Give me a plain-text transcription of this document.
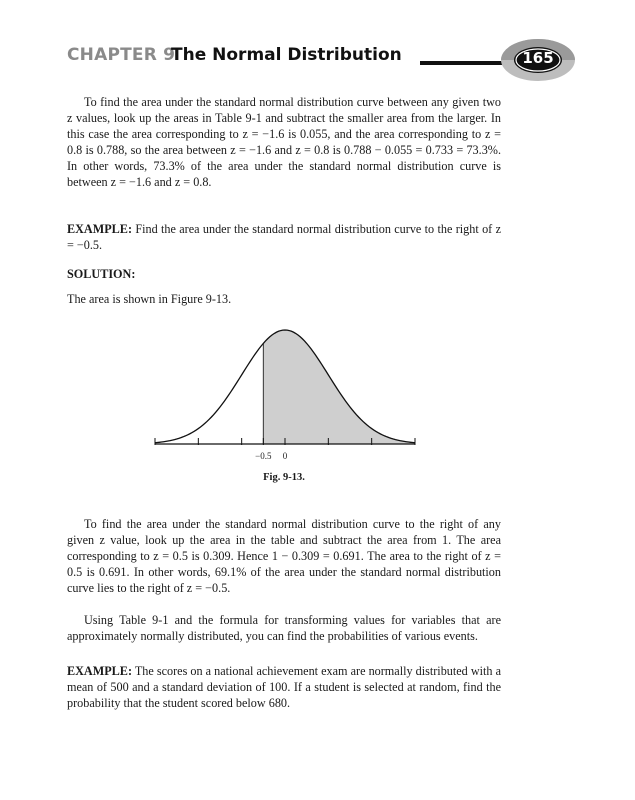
CHAPTER 9
The Normal Distribution	165

To find the area under the standard normal distribution curve between any given two z values, look up the areas in Table 9-1 and subtract the smaller area from the larger. In this case the area corresponding to z = −1.6 is 0.055, and the area corresponding to z = 0.8 is 0.788, so the area between z = −1.6 and z = 0.8 is 0.788 − 0.055 = 0.733 = 73.3%. In other words, 73.3% of the area under the standard normal distribution curve is between z = −1.6 and z = 0.8.

EXAMPLE: Find the area under the standard normal distribution curve to the right of z = −0.5.

SOLUTION:

The area is shown in Figure 9-13.

−0.5 0
Fig. 9-13.

To find the area under the standard normal distribution curve to the right of any given z value, look up the area in the table and subtract the area from 1. The area corresponding to z = 0.5 is 0.309. Hence 1 − 0.309 = 0.691. The area to the right of z = 0.5 is 0.691. In other words, 69.1% of the area under the standard normal distribution curve lies to the right of z = −0.5.

Using Table 9-1 and the formula for transforming values for variables that are approximately normally distributed, you can find the probabilities of various events.

EXAMPLE: The scores on a national achievement exam are normally distributed with a mean of 500 and a standard deviation of 100. If a student is selected at random, find the probability that the student scored below 680.
